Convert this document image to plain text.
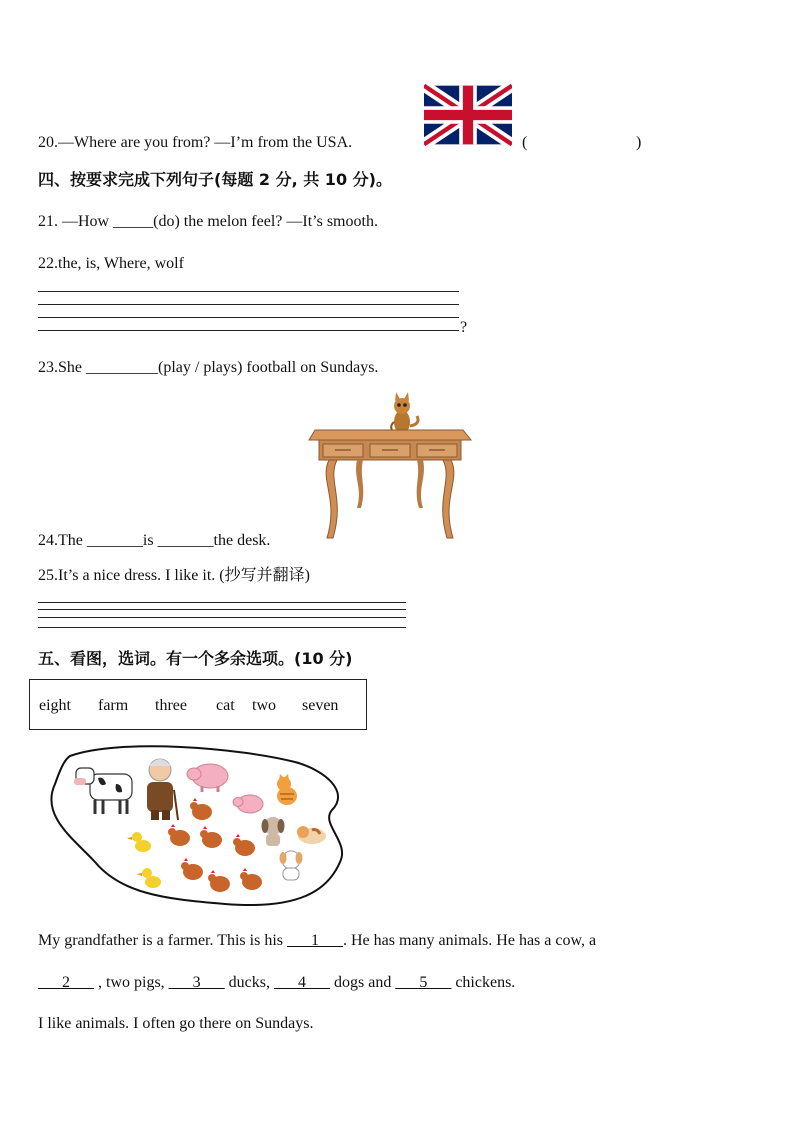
20.—Where are you from? —I’m from the USA.	(	)
四、按要求完成下列句子(每题 2 分, 共 10 分)。
21. —How _____(do) the melon feel? —It’s smooth.
22.the, is, Where, wolf
?
23.She _________(play / plays) football on Sundays.
24.The _______is _______the desk.
25.It’s a nice dress. I like it. (抄写并翻译)
五、看图，选词。有一个多余选项。(10 分)
eight farm three cat two seven
My grandfather is a farmer. This is his ___1___. He has many animals. He has a cow, a
___2___ , two pigs, ___3___ ducks, ___4___ dogs and ___5___ chickens.
I like animals. I often go there on Sundays.
